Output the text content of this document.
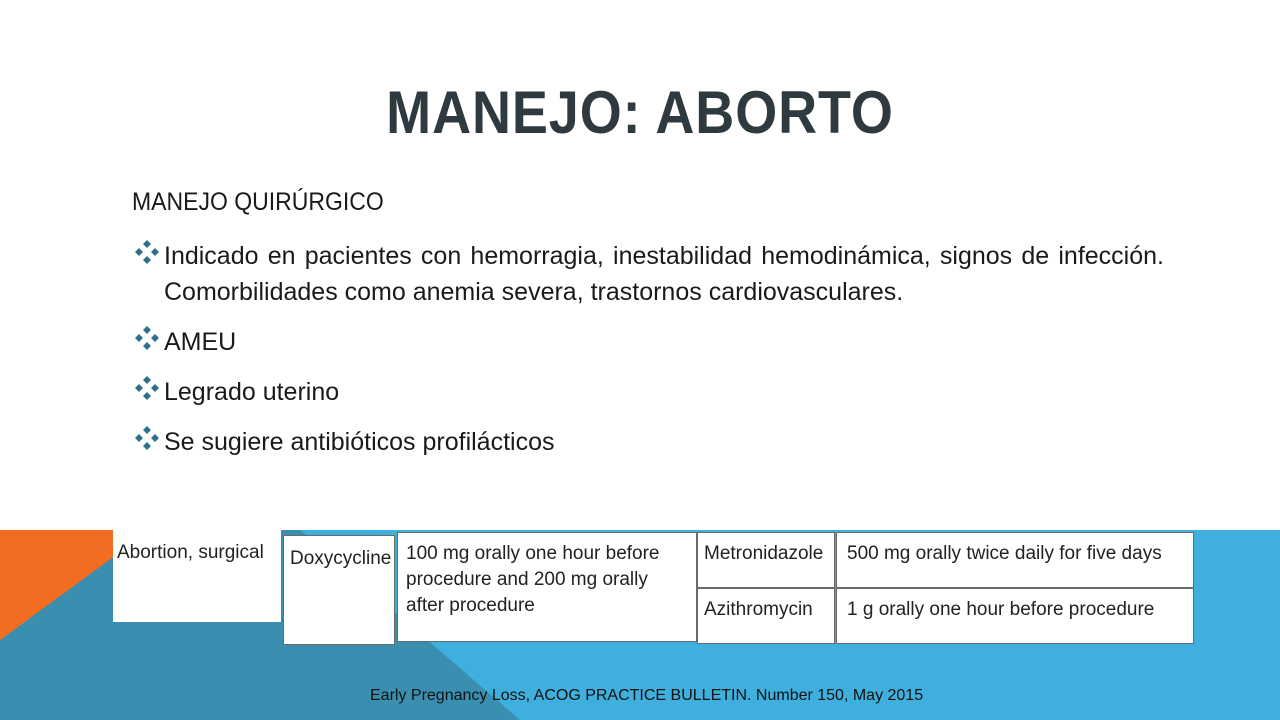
MANEJO: ABORTO
MANEJO QUIRÚRGICO
Indicado en pacientes con hemorragia, inestabilidad hemodinámica, signos de infección. Comorbilidades como anemia severa, trastornos cardiovasculares.
AMEU
Legrado uterino
Se sugiere antibióticos profilácticos
Abortion, surgical	Doxycycline 100 mg orally one hour before procedure and 200 mg orally after procedure
Metronidazole
Azithromycin
500 mg orally twice daily for five days
1 g orally one hour before procedure
Early Pregnancy Loss, ACOG PRACTICE BULLETIN. Number 150, May 2015
